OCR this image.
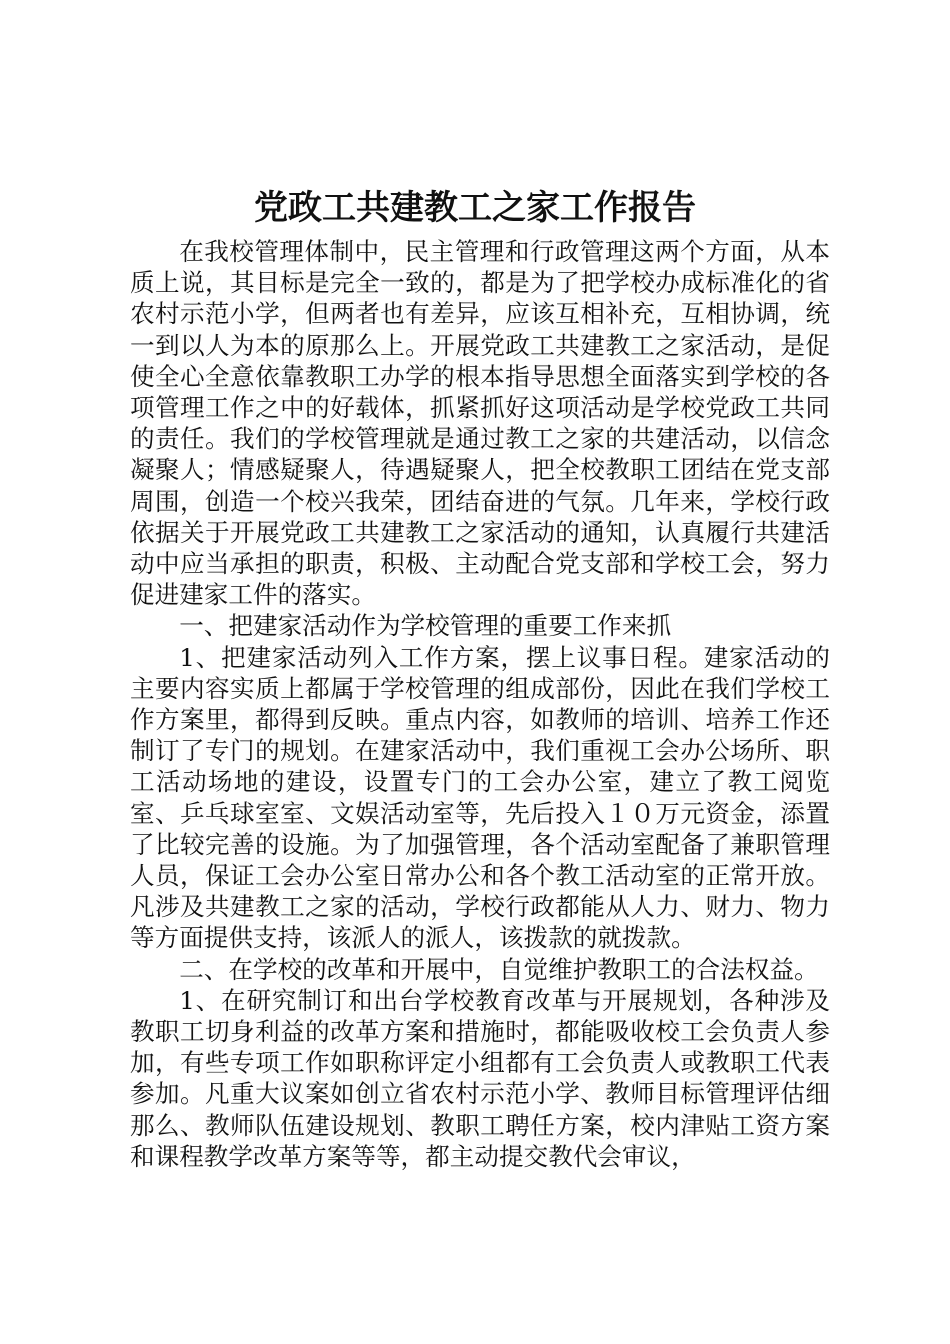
党政工共建教工之家工作报告

在我校管理体制中，民主管理和行政管理这两个方面，从本质上说，其目标是完全一致的，都是为了把学校办成标准化的省农村示范小学，但两者也有差异，应该互相补充，互相协调，统一到以人为本的原那么上。开展党政工共建教工之家活动，是促使全心全意依靠教职工办学的根本指导思想全面落实到学校的各项管理工作之中的好载体，抓紧抓好这项活动是学校党政工共同的责任。我们的学校管理就是通过教工之家的共建活动，以信念凝聚人；情感疑聚人，待遇疑聚人，把全校教职工团结在党支部周围，创造一个校兴我荣，团结奋进的气氛。几年来，学校行政依据关于开展党政工共建教工之家活动的通知，认真履行共建活动中应当承担的职责，积极、主动配合党支部和学校工会，努力促进建家工件的落实。

一、把建家活动作为学校管理的重要工作来抓

1、把建家活动列入工作方案，摆上议事日程。建家活动的主要内容实质上都属于学校管理的组成部份，因此在我们学校工作方案里，都得到反映。重点内容，如教师的培训、培养工作还制订了专门的规划。在建家活动中，我们重视工会办公场所、职工活动场地的建设，设置专门的工会办公室，建立了教工阅览室、乒乓球室室、文娱活动室等，先后投入１０万元资金，添置了比较完善的设施。为了加强管理，各个活动室配备了兼职管理人员，保证工会办公室日常办公和各个教工活动室的正常开放。凡涉及共建教工之家的活动，学校行政都能从人力、财力、物力等方面提供支持，该派人的派人，该拨款的就拨款。

二、在学校的改革和开展中，自觉维护教职工的合法权益。

1、在研究制订和出台学校教育改革与开展规划，各种涉及教职工切身利益的改革方案和措施时，都能吸收校工会负责人参加，有些专项工作如职称评定小组都有工会负责人或教职工代表参加。凡重大议案如创立省农村示范小学、教师目标管理评估细那么、教师队伍建设规划、教职工聘任方案，校内津贴工资方案和课程教学改革方案等等，都主动提交教代会审议，
